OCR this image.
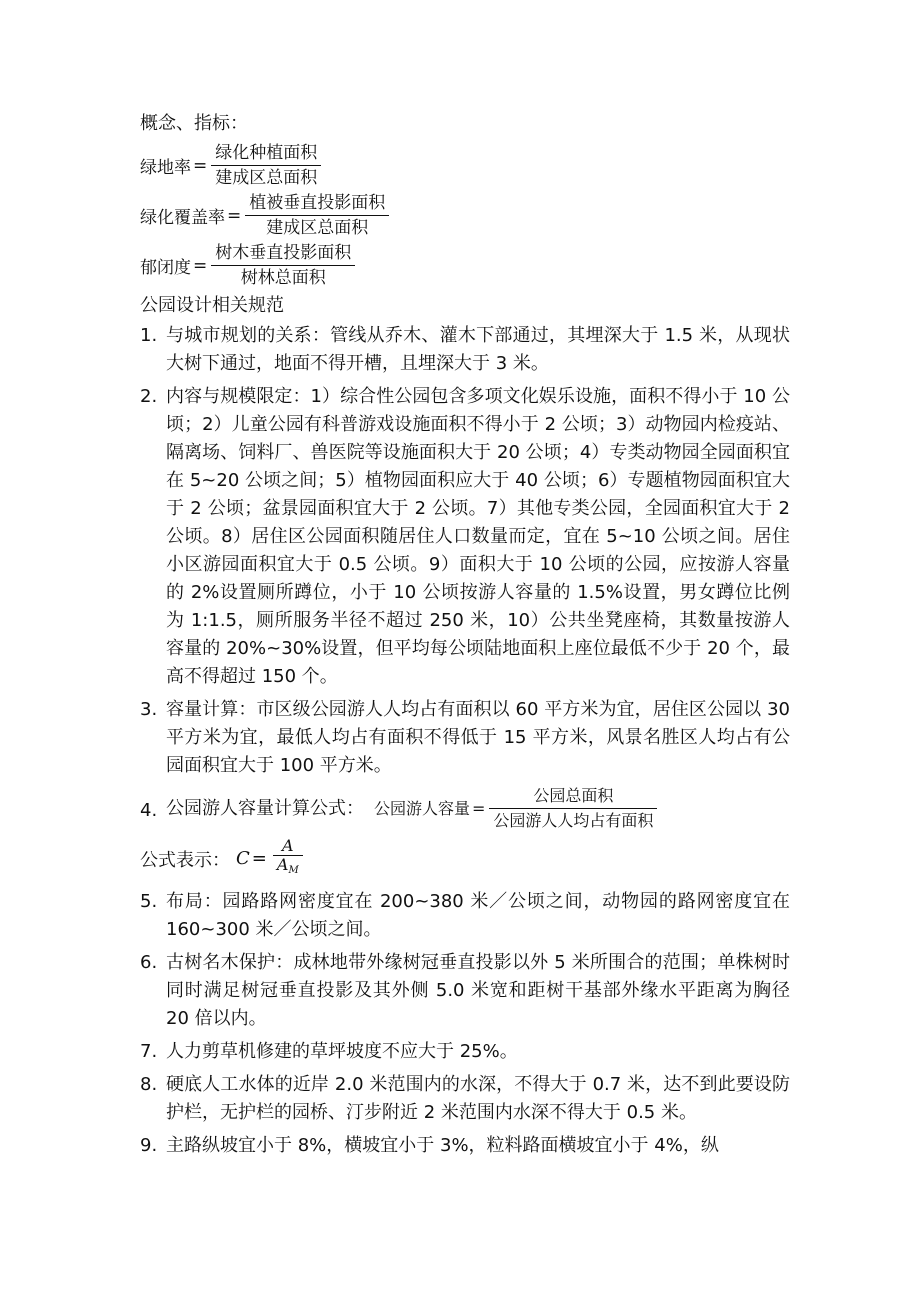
概念、指标：
绿地率 = $\frac{\text{绿化种植面积}}{\text{建成区总面积}}$
绿化覆盖率 = $\frac{\text{植被垂直投影面积}}{\text{建成区总面积}}$
郁闭度 = $\frac{\text{树木垂直投影面积}}{\text{树林总面积}}$
公园设计相关规范
1. 与城市规划的关系：管线从乔木、灌木下部通过，其埋深大于 1.5 米，从现状大树下通过，地面不得开槽，且埋深大于 3 米。
2. 内容与规模限定：1）综合性公园包含多项文化娱乐设施，面积不得小于 10 公顷；2）儿童公园有科普游戏设施面积不得小于 2 公顷；3）动物园内检疫站、隔离场、饲料厂、兽医院等设施面积大于 20 公顷；4）专类动物园全园面积宜在 5~20 公顷之间；5）植物园面积应大于 40 公顷；6）专题植物园面积宜大于 2 公顷；盆景园面积宜大于 2 公顷。7）其他专类公园，全园面积宜大于 2 公顷。8）居住区公园面积随居住人口数量而定，宜在 5~10 公顷之间。居住小区游园面积宜大于 0.5 公顷。9）面积大于 10 公顷的公园，应按游人容量的 2%设置厕所蹲位，小于 10 公顷按游人容量的 1.5%设置，男女蹲位比例为 1:1.5，厕所服务半径不超过 250 米，10）公共坐凳座椅，其数量按游人容量的 20%~30%设置，但平均每公顷陆地面积上座位最低不少于 20 个，最高不得超过 150 个。
3. 容量计算：市区级公园游人人均占有面积以 60 平方米为宜，居住区公园以 30 平方米为宜，最低人均占有面积不得低于 15 平方米，风景名胜区人均占有公园面积宜大于 100 平方米。
4. 公园游人容量计算公式： 公园游人容量 = $\frac{\text{公园总面积}}{\text{公园游人人均占有面积}}$
公式表示： $C = \frac{A}{A_M}$
5. 布局：园路路网密度宜在 200~380 米／公顷之间，动物园的路网密度宜在 160~300 米／公顷之间。
6. 古树名木保护：成林地带外缘树冠垂直投影以外 5 米所围合的范围；单株树时同时满足树冠垂直投影及其外侧 5.0 米宽和距树干基部外缘水平距离为胸径 20 倍以内。
7. 人力剪草机修建的草坪坡度不应大于 25%。
8. 硬底人工水体的近岸 2.0 米范围内的水深，不得大于 0.7 米，达不到此要设防护栏，无护栏的园桥、汀步附近 2 米范围内水深不得大于 0.5 米。
9. 主路纵坡宜小于 8%，横坡宜小于 3%，粒料路面横坡宜小于 4%，纵
